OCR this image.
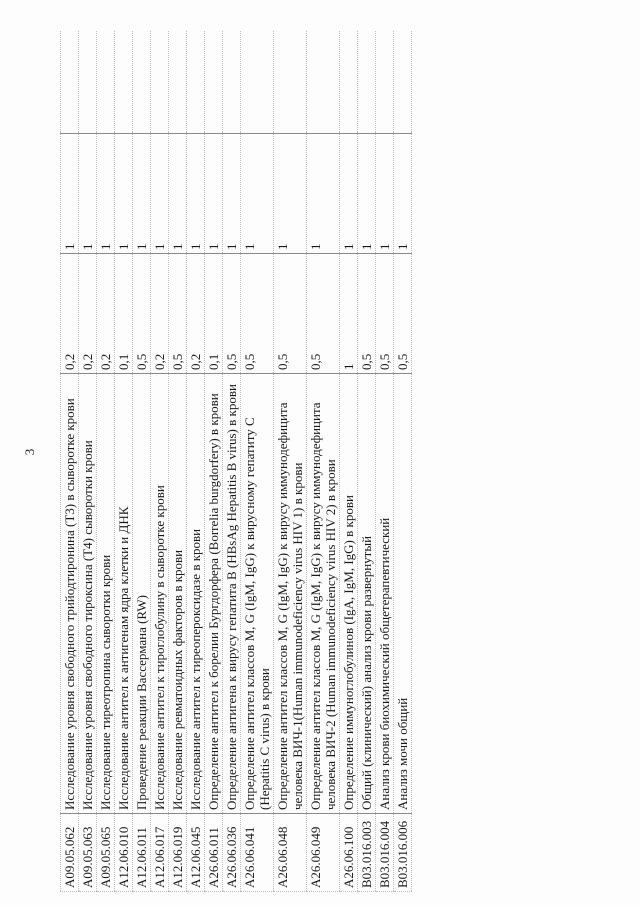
3
A09.05.062	Исследование уровня свободного трийодтиронина (Т3) в сыворотке крови	0,2	1	
A09.05.063	Исследование уровня свободного тироксина (Т4) сыворотки крови	0,2	1	
A09.05.065	Исследование тиреотропина сыворотки крови	0,2	1	
A12.06.010	Исследование антител к антигенам ядра клетки и ДНК	0,1	1	
A12.06.011	Проведение реакции Вассермана (RW)	0,5	1	
A12.06.017	Исследование антител к тироглобулину в сыворотке крови	0,2	1	
A12.06.019	Исследование ревматоидных факторов в крови	0,5	1	
A12.06.045	Исследование антител к тиреопероксидазе в крови	0,2	1	
A26.06.011	Определение антител к борелии Бургдорфера (Borrelia burgdorfery) в крови	0,1	1	
A26.06.036	Определение антигена к вирусу гепатита B (HBsAg Hepatitis B virus) в крови	0,5	1	
A26.06.041	Определение антител классов M, G (IgM, IgG) к вирусному гепатиту C (Hepatitis C virus) в крови	0,5	1	
A26.06.048	Определение антител классов M, G (IgM, IgG) к вирусу иммунодефицита человека ВИЧ-1(Human immunodeficiency virus HIV 1) в крови	0,5	1	
A26.06.049	Определение антител классов M, G (IgM, IgG) к вирусу иммунодефицита человека ВИЧ-2 (Human immunodeficiency virus HIV 2) в крови	0,5	1	
A26.06.100	Определение иммуноглобулинов (IgA, IgM, IgG) в крови	1	1	
B03.016.003	Общий (клинический) анализ крови развернутый	0,5	1	
B03.016.004	Анализ крови биохимический общетерапевтический	0,5	1	
B03.016.006	Анализ мочи общий	0,5	1	
